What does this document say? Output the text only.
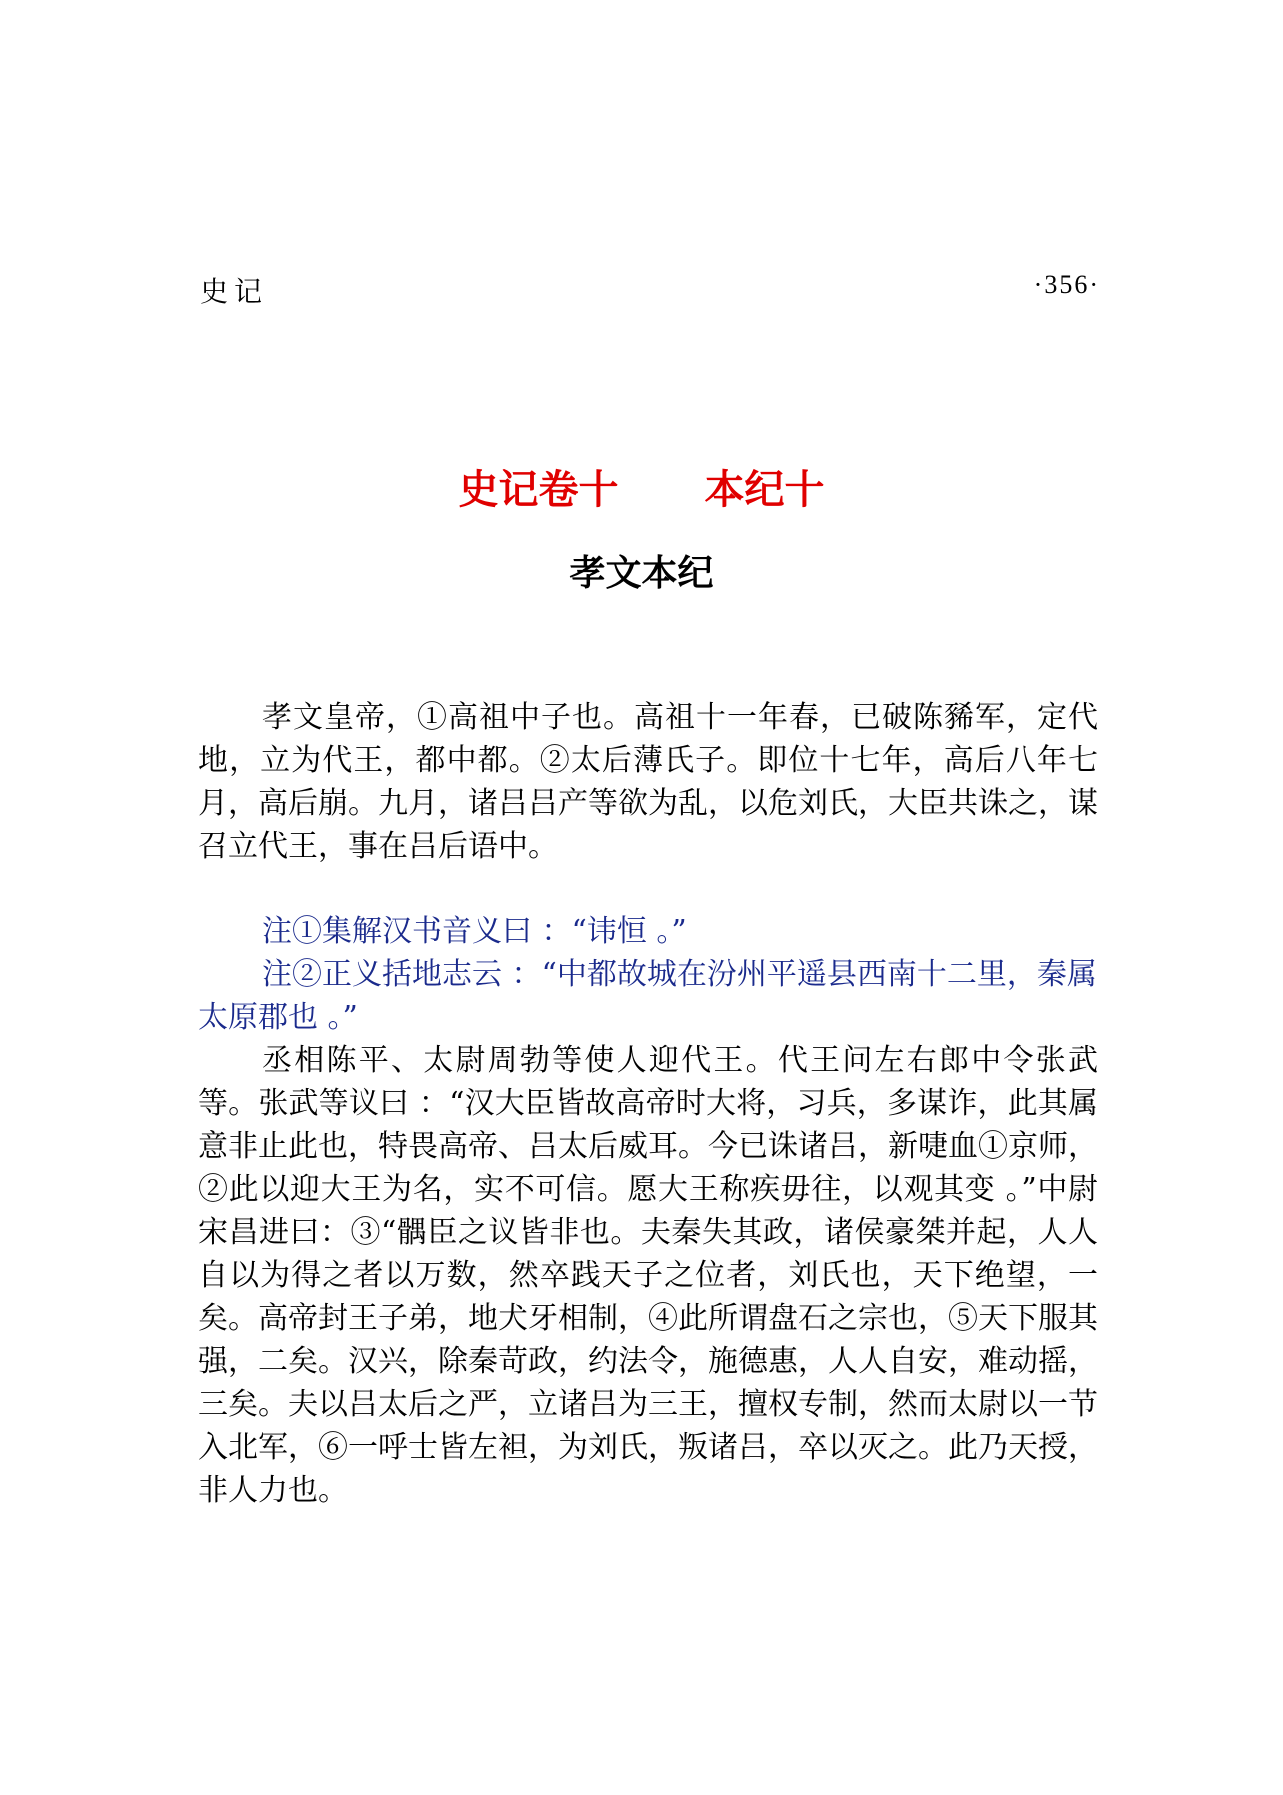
史记	·356·
史记卷十 本纪十
孝文本纪

孝文皇帝，①高祖中子也。高祖十一年春，已破陈豨军，定代地，立为代王，都中都。②太后薄氏子。即位十七年，高后八年七月，高后崩。九月，诸吕吕产等欲为乱，以危刘氏，大臣共诛之，谋召立代王，事在吕后语中。

注①集解汉书音义曰 ：“讳恒 。”

注②正义括地志云 ：“中都故城在汾州平遥县西南十二里，秦属太原郡也 。”

丞相陈平、太尉周勃等使人迎代王。代王问左右郎中令张武等。张武等议曰 ：“汉大臣皆故高帝时大将，习兵，多谋诈，此其属意非止此也，特畏高帝、吕太后威耳。今已诛诸吕，新啑血①京师，②此以迎大王为名，实不可信。愿大王称疾毋往，以观其变 。”中尉宋昌进曰：③“髃臣之议皆非也。夫秦失其政，诸侯豪桀并起，人人自以为得之者以万数，然卒践天子之位者，刘氏也，天下绝望，一矣。高帝封王子弟，地犬牙相制，④此所谓盘石之宗也，⑤天下服其强，二矣。汉兴，除秦苛政，约法令，施德惠，人人自安，难动摇，三矣。夫以吕太后之严，立诸吕为三王，擅权专制，然而太尉以一节入北军，⑥一呼士皆左袒，为刘氏，叛诸吕，卒以灭之。此乃天授，非人力也。
